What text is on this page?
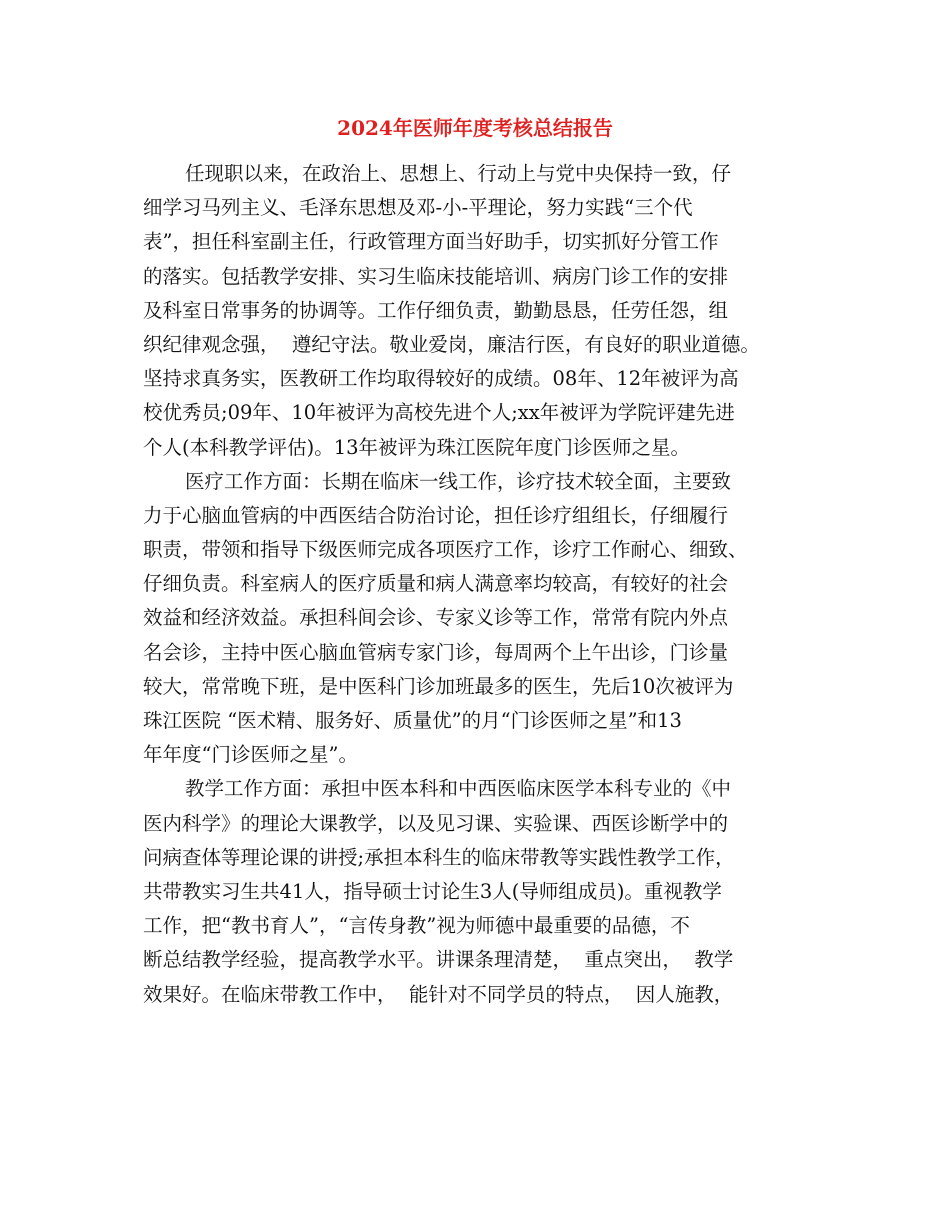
2024年医师年度考核总结报告
任现职以来，在政治上、思想上、行动上与党中央保持一致，仔
细学习马列主义、毛泽东思想及邓-小-平理论，努力实践“三个代
表”，担任科室副主任，行政管理方面当好助手，切实抓好分管工作
的落实。包括教学安排、实习生临床技能培训、病房门诊工作的安排
及科室日常事务的协调等。工作仔细负责，勤勤恳恳，任劳任怨，组
织纪律观念强，  遵纪守法。敬业爱岗，廉洁行医，有良好的职业道德。
坚持求真务实，医教研工作均取得较好的成绩。08年、12年被评为高
校优秀员;09年、10年被评为高校先进个人;xx年被评为学院评建先进
个人(本科教学评估)。13年被评为珠江医院年度门诊医师之星。
医疗工作方面：长期在临床一线工作，诊疗技术较全面，主要致
力于心脑血管病的中西医结合防治讨论，担任诊疗组组长，仔细履行
职责，带领和指导下级医师完成各项医疗工作，诊疗工作耐心、细致、
仔细负责。科室病人的医疗质量和病人满意率均较高，有较好的社会
效益和经济效益。承担科间会诊、专家义诊等工作，常常有院内外点
名会诊，主持中医心脑血管病专家门诊，每周两个上午出诊，门诊量
较大，常常晚下班，是中医科门诊加班最多的医生，先后10次被评为
珠江医院 “医术精、服务好、质量优”的月“门诊医师之星”和13
年年度“门诊医师之星”。
教学工作方面：承担中医本科和中西医临床医学本科专业的《中
医内科学》的理论大课教学，以及见习课、实验课、西医诊断学中的
问病查体等理论课的讲授;承担本科生的临床带教等实践性教学工作，
共带教实习生共41人，指导硕士讨论生3人(导师组成员)。重视教学
工作，把“教书育人”，“言传身教”视为师德中最重要的品德，不
断总结教学经验，提高教学水平。讲课条理清楚，  重点突出，  教学
效果好。在临床带教工作中，  能针对不同学员的特点，  因人施教，
